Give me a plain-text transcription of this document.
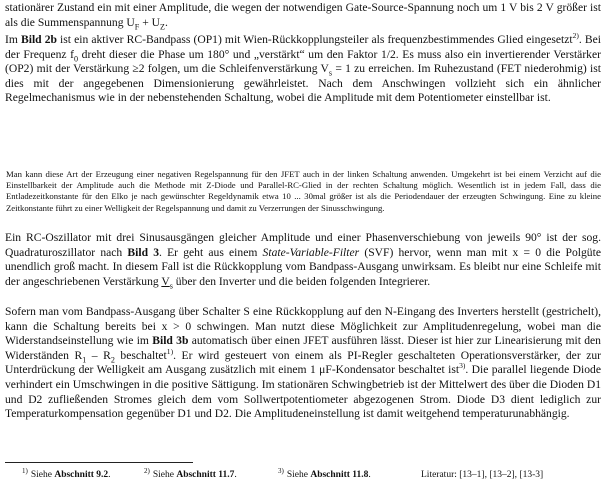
stationärer Zustand ein mit einer Amplitude, die wegen der notwendigen Gate-Source-Spannung noch um 1 V bis 2 V größer ist als die Summenspannung $U_F + U_Z$.

Im Bild 2b ist ein aktiver RC-Bandpass (OP1) mit Wien-Rückkopplungsteiler als frequenzbestimmendes Glied eingesetzt$^{2)}$. Bei der Frequenz $f_0$ dreht dieser die Phase um 180° und „verstärkt“ um den Faktor 1/2. Es muss also ein invertierender Verstärker (OP2) mit der Verstärkung ≥2 folgen, um die Schleifenverstärkung $V_s = 1$ zu erreichen. Im Ruhezustand (FET niederohmig) ist dies mit der angegebenen Dimensionierung gewährleistet. Nach dem Anschwingen vollzieht sich ein ähnlicher Regelmechanismus wie in der nebenstehenden Schaltung, wobei die Amplitude mit dem Potentiometer einstellbar ist.

Man kann diese Art der Erzeugung einer negativen Regelspannung für den JFET auch in der linken Schaltung anwenden. Umgekehrt ist bei einem Verzicht auf die Einstellbarkeit der Amplitude auch die Methode mit Z-Diode und Parallel-RC-Glied in der rechten Schaltung möglich. Wesentlich ist in jedem Fall, dass die Entladezeitkonstante für den Elko je nach gewünschter Regeldynamik etwa 10 ... 30mal größer ist als die Periodendauer der erzeugten Schwingung. Eine zu kleine Zeitkonstante führt zu einer Welligkeit der Regelspannung und damit zu Verzerrungen der Sinusschwingung.

Ein RC-Oszillator mit drei Sinusausgängen gleicher Amplitude und einer Phasenverschiebung von jeweils 90° ist der sog. Quadraturoszillator nach Bild 3. Er geht aus einem State-Variable-Filter (SVF) hervor, wenn man mit x = 0 die Polgüte unendlich groß macht. In diesem Fall ist die Rückkopplung vom Bandpass-Ausgang unwirksam. Es bleibt nur eine Schleife mit der angeschriebenen Verstärkung $V_s$ über den Inverter und die beiden folgenden Integrierer.

Sofern man vom Bandpass-Ausgang über Schalter S eine Rückkopplung auf den N-Eingang des Inverters herstellt (gestrichelt), kann die Schaltung bereits bei x > 0 schwingen. Man nutzt diese Möglichkeit zur Amplitudenregelung, wobei man die Widerstandseinstellung wie im Bild 3b automatisch über einen JFET ausführen lässt. Dieser ist hier zur Linearisierung mit den Widerständen $R_1 - R_2$ beschaltet$^{1)}$. Er wird gesteuert von einem als PI-Regler geschalteten Operationsverstärker, der zur Unterdrückung der Welligkeit am Ausgang zusätzlich mit einem 1 μF-Kondensator beschaltet ist$^{3)}$. Die parallel liegende Diode verhindert ein Umschwingen in die positive Sättigung. Im stationären Schwingbetrieb ist der Mittelwert des über die Dioden D1 und D2 zufließenden Stromes gleich dem vom Sollwertpotentiometer abgezogenen Strom. Diode D3 dient lediglich zur Temperaturkompensation gegenüber D1 und D2. Die Amplitudeneinstellung ist damit weitgehend temperaturunabhängig.

$^{1)}$ Siehe Abschnitt 9.2.	$^{2)}$ Siehe Abschnitt 11.7.	$^{3)}$ Siehe Abschnitt 11.8.	Literatur: [13–1], [13–2], [13-3]
